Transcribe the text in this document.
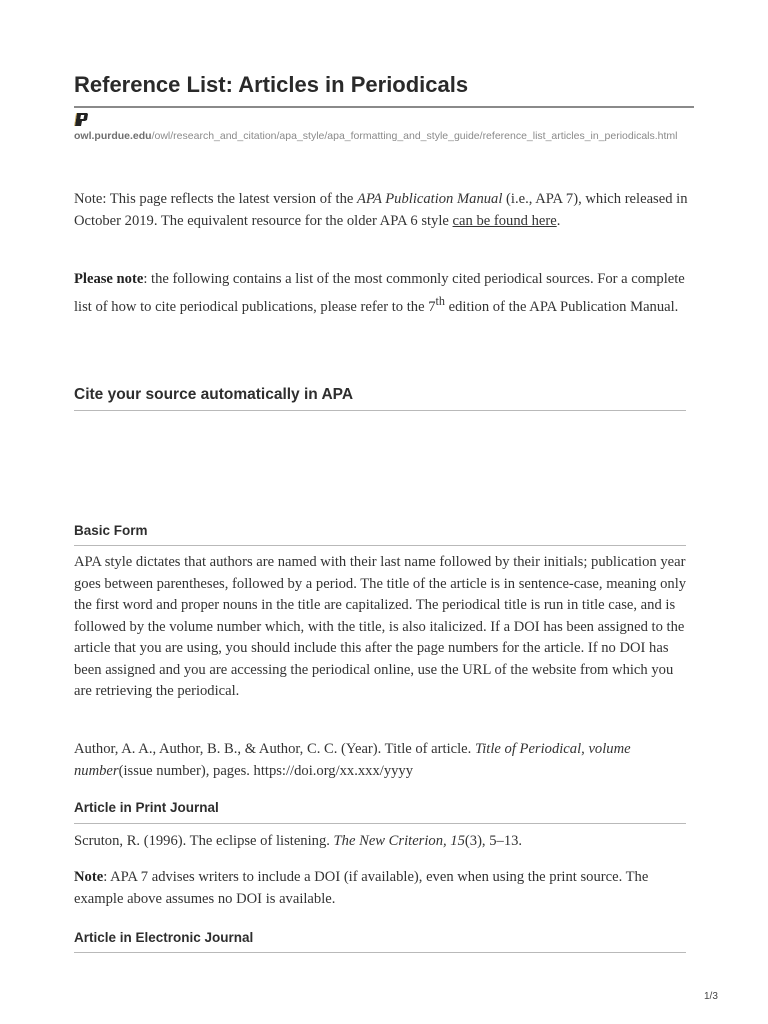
Reference List: Articles in Periodicals
owl.purdue.edu/owl/research_and_citation/apa_style/apa_formatting_and_style_guide/reference_list_articles_in_periodicals.html

Note: This page reflects the latest version of the APA Publication Manual (i.e., APA 7), which released in October 2019. The equivalent resource for the older APA 6 style can be found here.

Please note: the following contains a list of the most commonly cited periodical sources. For a complete list of how to cite periodical publications, please refer to the 7th edition of the APA Publication Manual.

Cite your source automatically in APA
Basic Form

APA style dictates that authors are named with their last name followed by their initials; publication year goes between parentheses, followed by a period. The title of the article is in sentence-case, meaning only the first word and proper nouns in the title are capitalized. The periodical title is run in title case, and is followed by the volume number which, with the title, is also italicized. If a DOI has been assigned to the article that you are using, you should include this after the page numbers for the article. If no DOI has been assigned and you are accessing the periodical online, use the URL of the website from which you are retrieving the periodical.

Author, A. A., Author, B. B., & Author, C. C. (Year). Title of article. Title of Periodical, volume number(issue number), pages. https://doi.org/xx.xxx/yyyy

Article in Print Journal

Scruton, R. (1996). The eclipse of listening. The New Criterion, 15(3), 5–13.

Note: APA 7 advises writers to include a DOI (if available), even when using the print source. The example above assumes no DOI is available.

Article in Electronic Journal
1/3
